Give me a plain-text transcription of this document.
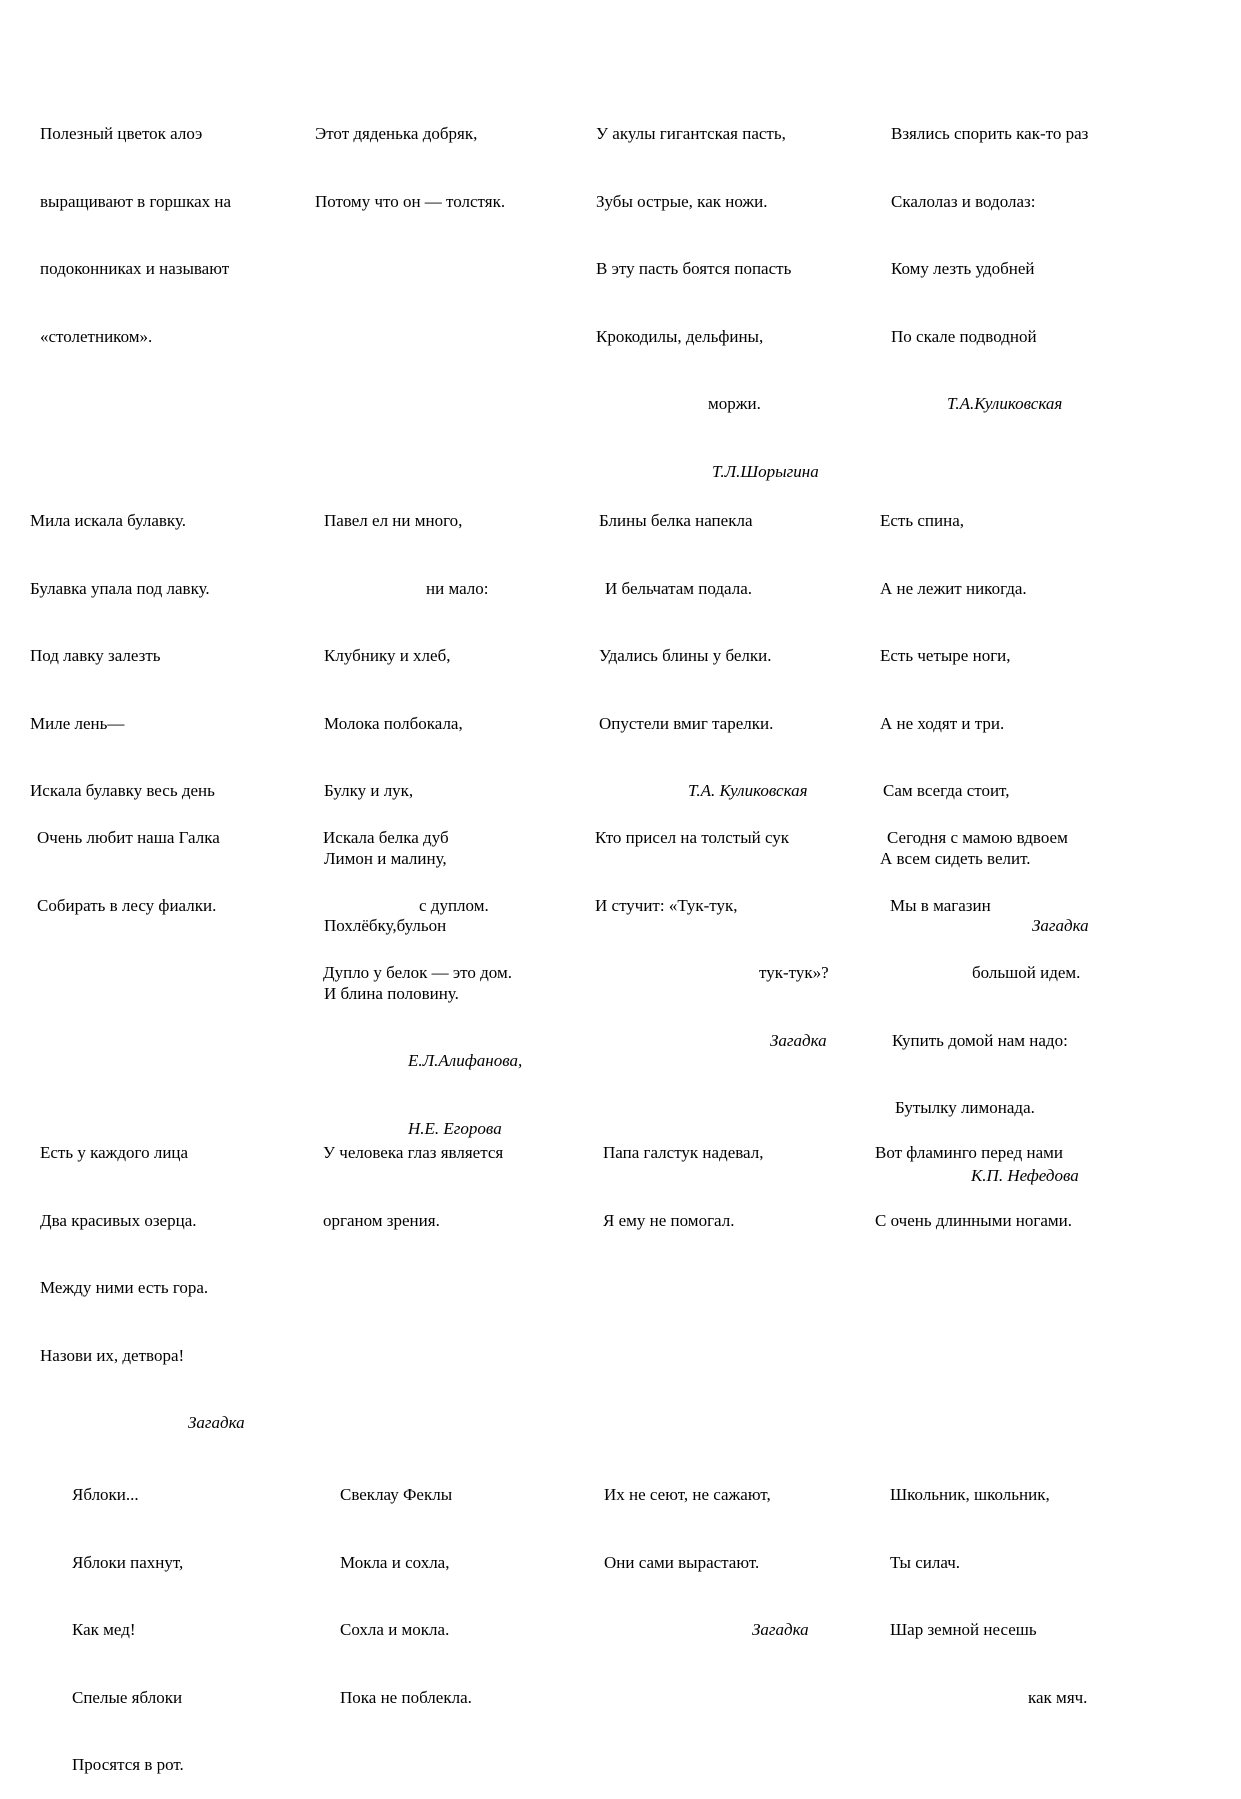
Полезный цветок алоэ

выращивают в горшках на

подоконниках и называют

«столетником».

Этот дяденька добряк,

Потому что он — толстяк.

У акулы гигантская пасть,

Зубы острые, как ножи.

В эту пасть боятся попасть

Крокодилы, дельфины,

моржи.

Т.Л.Шорыгина

Взялись спорить как-то раз

Скалолаз и водолаз:

Кому лезть удобней

По скале подводной

Т.А.Куликовская

Мила искала булавку.

Булавка упала под лавку.

Под лавку залезть

Миле лень—

Искала булавку весь день

Павел ел ни много,

ни мало:

Клубнику и хлеб,

Молока полбокала,

Булку и лук,

Лимон и малину,

Похлёбку,бульон

И блина половину.

Е.Л.Алифанова,

Н.Е. Егорова

Блины белка напекла

И бельчатам подала.

Удались блины у белки.

Опустели вмиг тарелки.

Т.А. Куликовская

Есть спина,

А не лежит никогда.

Есть четыре ноги,

А не ходят и три.

Сам всегда стоит,

А всем сидеть велит.

Загадка

Очень любит наша Галка

Собирать в лесу фиалки.

Искала белка дуб

с дуплом.

Дупло у белок — это дом.

Кто присел на толстый сук

И стучит: «Тук-тук,

тук-тук»?

Загадка

Сегодня с мамою вдвоем

Мы в магазин

большой идем.

Купить домой нам надо:

Бутылку лимонада.

К.П. Нефедова

Есть у каждого лица

Два красивых озерца.

Между ними есть гора.

Назови их, детвора!

Загадка

У человека глаз является

органом зрения.

Папа галстук надевал,

Я ему не помогал.

Вот фламинго перед нами

С очень длинными ногами.

Яблоки...

Яблоки пахнут,

Как мед!

Спелые яблоки

Просятся в рот.

Свеклау Феклы

Мокла и сохла,

Сохла и мокла.

Пока не поблекла.

Их не сеют, не сажают,

Они сами вырастают.

Загадка

Школьник, школьник,

Ты силач.

Шар земной несешь

как мяч.
